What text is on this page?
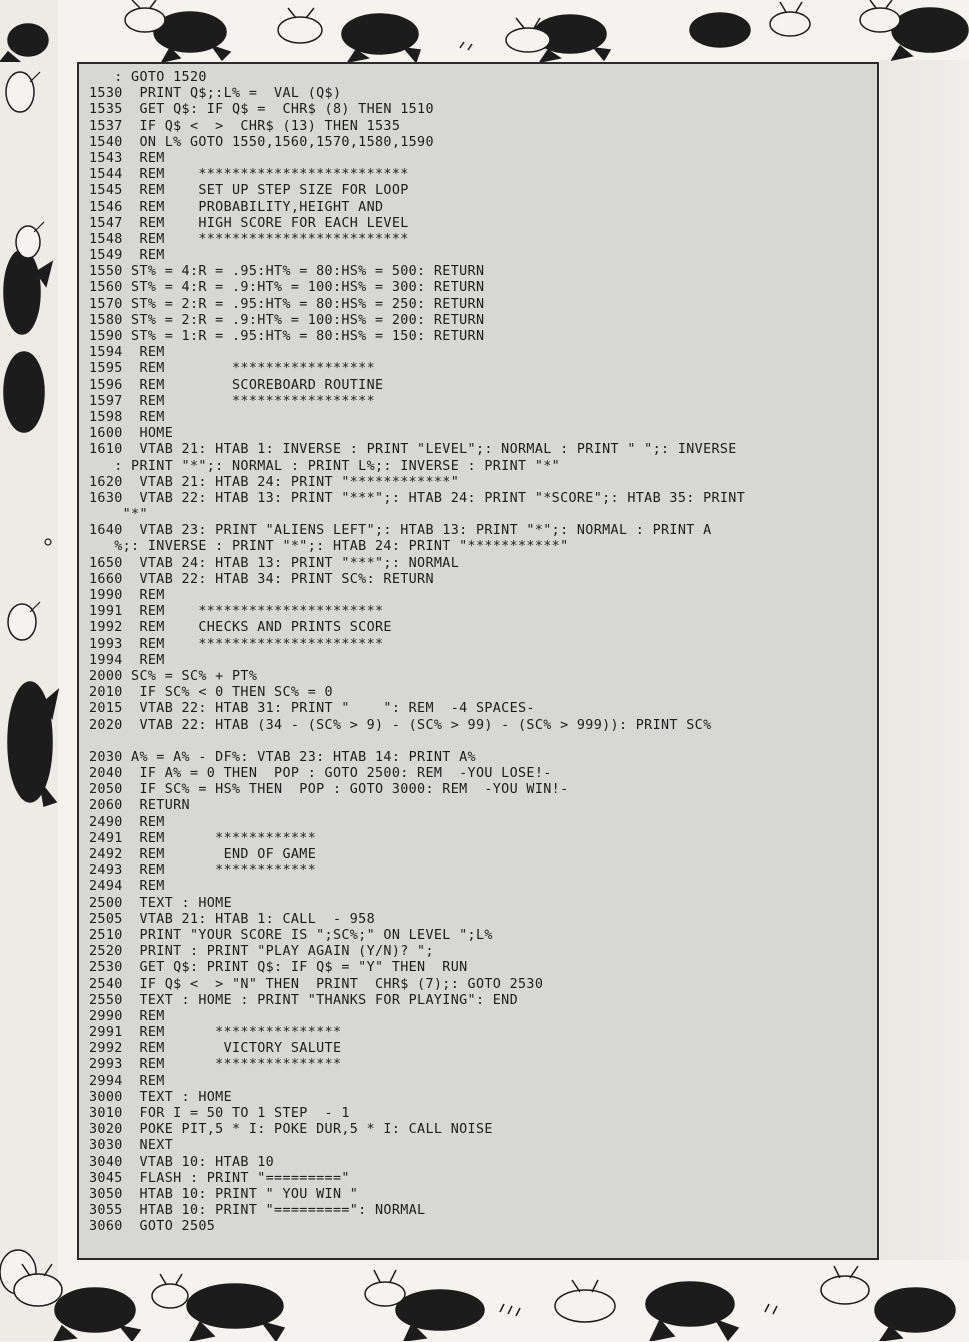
: GOTO 1520
1530  PRINT Q$;:L% =  VAL (Q$)
1535  GET Q$: IF Q$ =  CHR$ (8) THEN 1510
1537  IF Q$ <  >  CHR$ (13) THEN 1535
1540  ON L% GOTO 1550,1560,1570,1580,1590
1543  REM
1544  REM    *************************
1545  REM    SET UP STEP SIZE FOR LOOP
1546  REM    PROBABILITY,HEIGHT AND
1547  REM    HIGH SCORE FOR EACH LEVEL
1548  REM    *************************
1549  REM
1550 ST% = 4:R = .95:HT% = 80:HS% = 500: RETURN
1560 ST% = 4:R = .9:HT% = 100:HS% = 300: RETURN
1570 ST% = 2:R = .95:HT% = 80:HS% = 250: RETURN
1580 ST% = 2:R = .9:HT% = 100:HS% = 200: RETURN
1590 ST% = 1:R = .95:HT% = 80:HS% = 150: RETURN
1594  REM
1595  REM        *****************
1596  REM        SCOREBOARD ROUTINE
1597  REM        *****************
1598  REM
1600  HOME
1610  VTAB 21: HTAB 1: INVERSE : PRINT "LEVEL";: NORMAL : PRINT " ";: INVERSE
: PRINT "*";: NORMAL : PRINT L%;: INVERSE : PRINT "*"
1620  VTAB 21: HTAB 24: PRINT "************"
1630  VTAB 22: HTAB 13: PRINT "***";: HTAB 24: PRINT "*SCORE";: HTAB 35: PRINT
"*"
1640  VTAB 23: PRINT "ALIENS LEFT";: HTAB 13: PRINT "*";: NORMAL : PRINT A
%;: INVERSE : PRINT "*";: HTAB 24: PRINT "***********"
1650  VTAB 24: HTAB 13: PRINT "***";: NORMAL
1660  VTAB 22: HTAB 34: PRINT SC%: RETURN
1990  REM
1991  REM    **********************
1992  REM    CHECKS AND PRINTS SCORE
1993  REM    **********************
1994  REM
2000 SC% = SC% + PT%
2010  IF SC% < 0 THEN SC% = 0
2015  VTAB 22: HTAB 31: PRINT "    ": REM  -4 SPACES-
2020  VTAB 22: HTAB (34 - (SC% > 9) - (SC% > 99) - (SC% > 999)): PRINT SC%
2030 A% = A% - DF%: VTAB 23: HTAB 14: PRINT A%
2040  IF A% = 0 THEN  POP : GOTO 2500: REM  -YOU LOSE!-
2050  IF SC% = HS% THEN  POP : GOTO 3000: REM  -YOU WIN!-
2060  RETURN
2490  REM
2491  REM      ************
2492  REM       END OF GAME
2493  REM      ************
2494  REM
2500  TEXT : HOME
2505  VTAB 21: HTAB 1: CALL  - 958
2510  PRINT "YOUR SCORE IS ";SC%;" ON LEVEL ";L%
2520  PRINT : PRINT "PLAY AGAIN (Y/N)? ";
2530  GET Q$: PRINT Q$: IF Q$ = "Y" THEN  RUN
2540  IF Q$ <  > "N" THEN  PRINT  CHR$ (7);: GOTO 2530
2550  TEXT : HOME : PRINT "THANKS FOR PLAYING": END
2990  REM
2991  REM      ***************
2992  REM       VICTORY SALUTE
2993  REM      ***************
2994  REM
3000  TEXT : HOME
3010  FOR I = 50 TO 1 STEP  - 1
3020  POKE PIT,5 * I: POKE DUR,5 * I: CALL NOISE
3030  NEXT
3040  VTAB 10: HTAB 10
3045  FLASH : PRINT "========="
3050  HTAB 10: PRINT " YOU WIN "
3055  HTAB 10: PRINT "=========": NORMAL
3060  GOTO 2505
